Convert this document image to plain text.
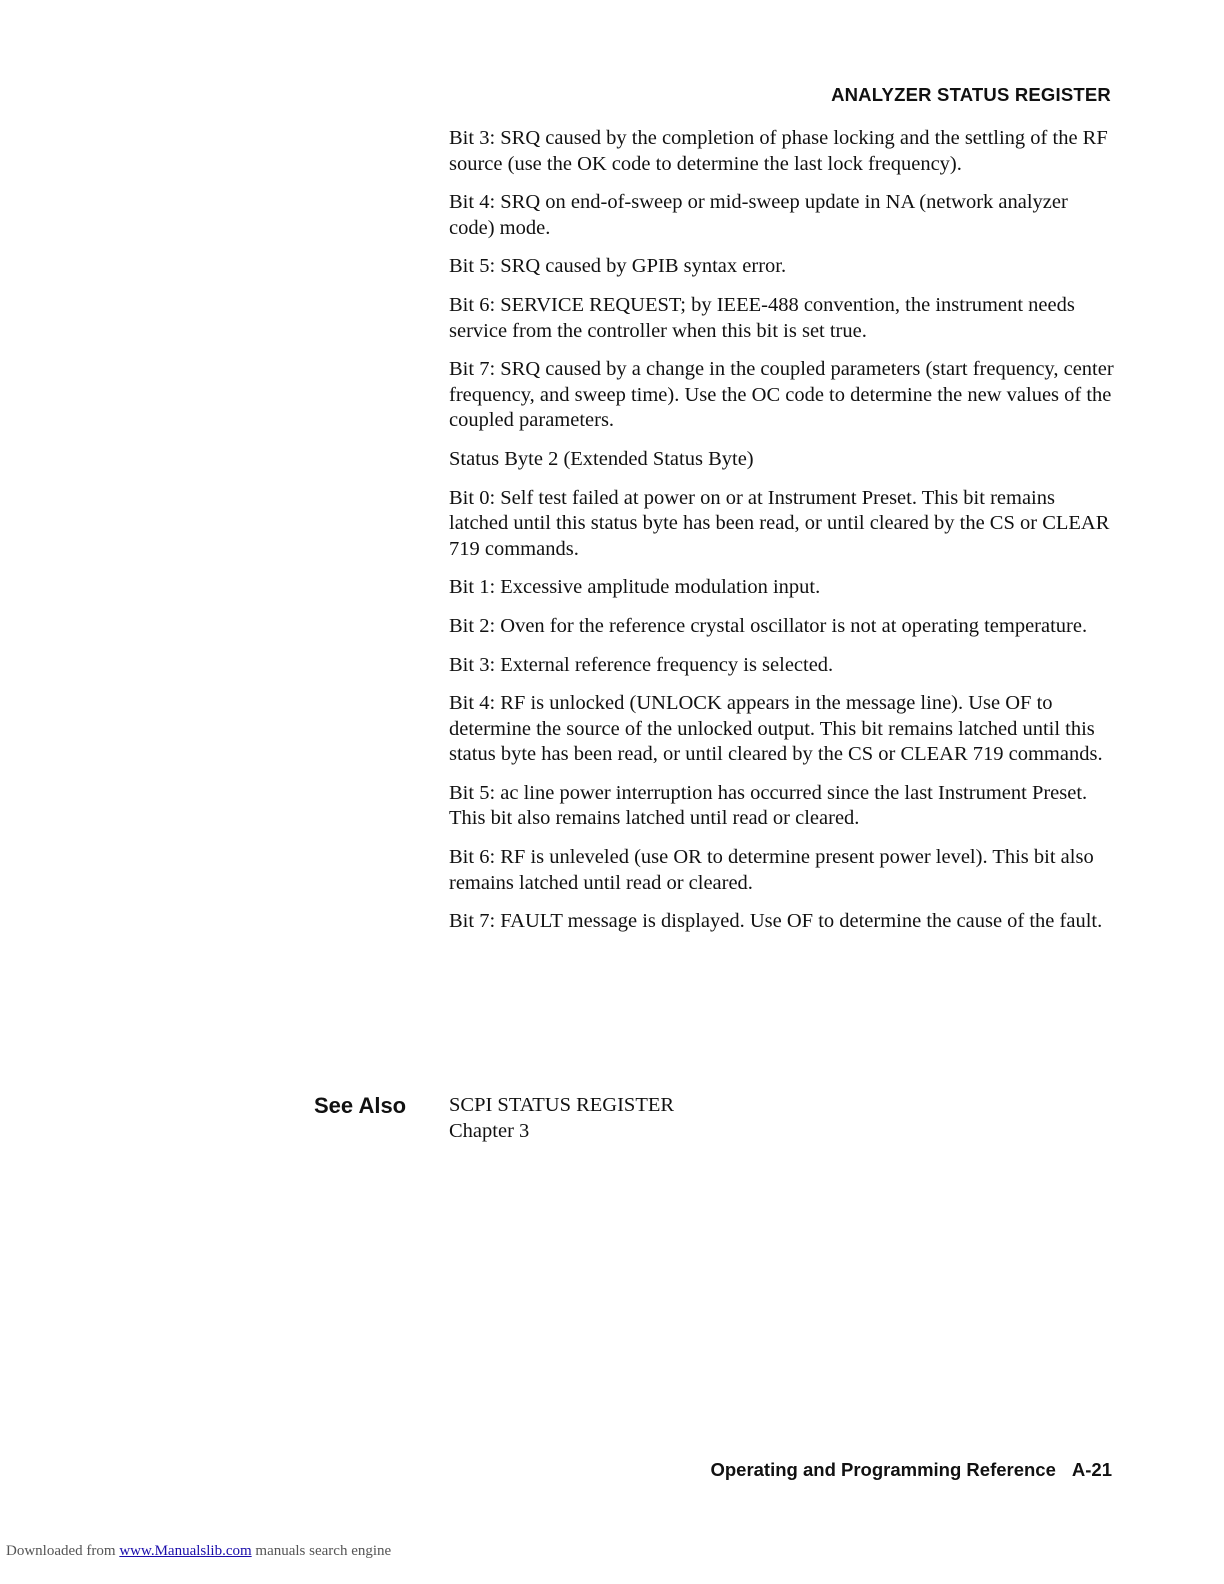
ANALYZER STATUS REGISTER

Bit 3: SRQ caused by the completion of phase locking and the settling of the RF source (use the OK code to determine the last lock frequency).

Bit 4: SRQ on end-of-sweep or mid-sweep update in NA (network analyzer code) mode.

Bit 5: SRQ caused by GPIB syntax error.

Bit 6: SERVICE REQUEST; by IEEE-488 convention, the instrument needs service from the controller when this bit is set true.

Bit 7: SRQ caused by a change in the coupled parameters (start frequency, center frequency, and sweep time). Use the OC code to determine the new values of the coupled parameters.

Status Byte 2 (Extended Status Byte)

Bit 0: Self test failed at power on or at Instrument Preset. This bit remains latched until this status byte has been read, or until cleared by the CS or CLEAR 719 commands.

Bit 1: Excessive amplitude modulation input.

Bit 2: Oven for the reference crystal oscillator is not at operating temperature.

Bit 3: External reference frequency is selected.

Bit 4: RF is unlocked (UNLOCK appears in the message line). Use OF to determine the source of the unlocked output. This bit remains latched until this status byte has been read, or until cleared by the CS or CLEAR 719 commands.

Bit 5: ac line power interruption has occurred since the last Instrument Preset. This bit also remains latched until read or cleared.

Bit 6: RF is unleveled (use OR to determine present power level). This bit also remains latched until read or cleared.

Bit 7: FAULT message is displayed. Use OF to determine the cause of the fault.

See Also SCPI STATUS REGISTER
Chapter 3
Operating and Programming Reference A-21
Downloaded from www.Manualslib.com manuals search engine
